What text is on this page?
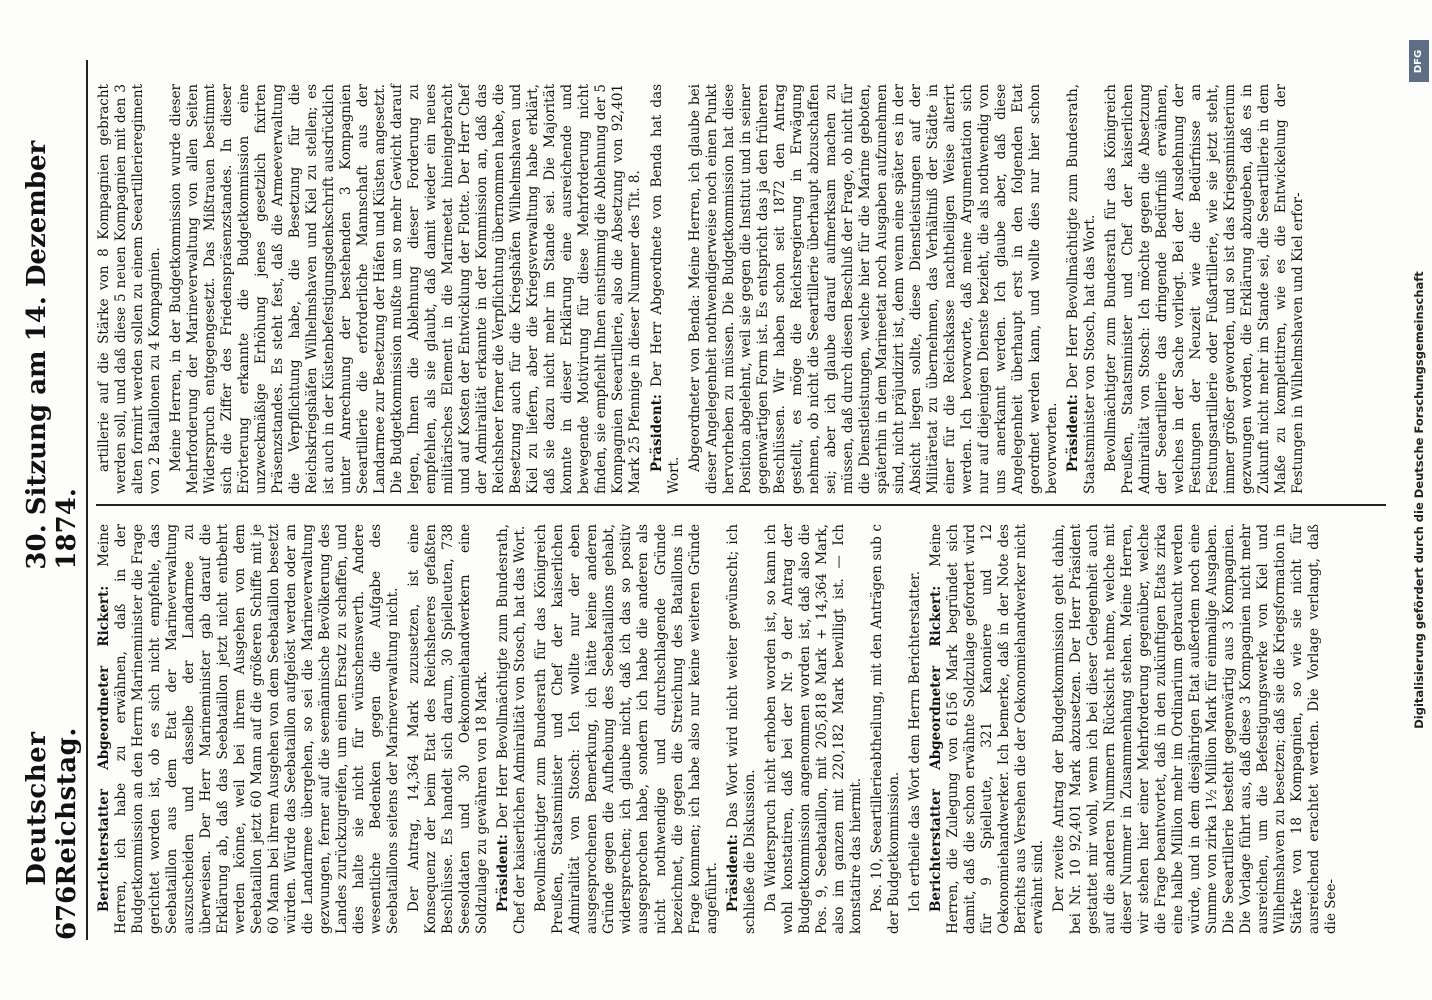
676
Deutscher Reichstag.
30. Sitzung am 14. Dezember 1874.

Berichterstatter Abgeordneter Rickert: Meine Herren, ich habe zu erwähnen, daß in der Budgetkommission an den Herrn Marineminister die Frage gerichtet worden ist, ob es sich nicht empfehle, das Seebataillon aus dem Etat der Marineverwaltung auszuscheiden und dasselbe der Landarmee zu überweisen. Der Herr Marineminister gab darauf die Erklärung ab, daß das Seebataillon jetzt nicht entbehrt werden könne, weil bei ihrem Ausgehen von dem Seebataillon jetzt 60 Mann auf die größeren Schiffe mit je 60 Mann bei ihrem Ausgehen von dem Seebataillon besetzt würden. Würde das Seebataillon aufgelöst werden oder an die Landarmee übergehen, so sei die Marineverwaltung gezwungen, ferner auf die seemännische Bevölkerung des Landes zurückzugreifen, um einen Ersatz zu schaffen, und dies halte sie nicht für wünschenswerth. Andere wesentliche Bedenken gegen die Aufgabe des Seebataillons seitens der Marineverwaltung nicht. Der Antrag, 14,364 Mark zuzusetzen, ist eine Konsequenz der beim Etat des Reichsheeres gefaßten Beschlüsse. Es handelt sich darum, 30 Spielleuten, 738 Seesoldaten und 30 Oekonomiehandwerkern eine Soldzulage zu gewähren von 18 Mark. Präsident: Der Herr Bevollmächtigte zum Bundesrath, Chef der kaiserlichen Admiralität von Stosch, hat das Wort. Bevollmächtigter zum Bundesrath für das Königreich Preußen, Staatsminister und Chef der kaiserlichen Admiralität von Stosch: Ich wollte nur der eben ausgesprochenen Bemerkung, ich hätte keine anderen Gründe gegen die Aufhebung des Seebataillons gehabt, widersprechen; ich glaube nicht, daß ich das so positiv ausgesprochen habe, sondern ich habe die anderen als nicht nothwendige und durchschlagende Gründe bezeichnet, die gegen die Streichung des Bataillons in Frage kommen; ich habe also nur keine weiteren Gründe angeführt. Präsident: Das Wort wird nicht weiter gewünscht; ich schließe die Diskussion. Da Widerspruch nicht erhoben worden ist, so kann ich wohl konstatiren, daß bei der Nr. 9 der Antrag der Budgetkommission angenommen worden ist, daß also die Pos. 9, Seebataillon, mit 205,818 Mark + 14,364 Mark, also im ganzen mit 220,182 Mark bewilligt ist. — Ich konstatire das hiermit. Pos. 10, Seeartillerieabtheilung, mit den Anträgen sub c der Budgetkommission. Ich ertheile das Wort dem Herrn Berichterstatter. Berichterstatter Abgeordneter Rickert: Meine Herren, die Zulegung von 6156 Mark begründet sich damit, daß die schon erwähnte Soldzulage gefordert wird für 9 Spielleute, 321 Kanoniere und 12 Oekonomiehandwerker. Ich bemerke, daß in der Note des Berichts aus Versehen die der Oekonomiehandwerker nicht erwähnt sind. Der zweite Antrag der Budgetkommission geht dahin, bei Nr. 10 92,401 Mark abzusetzen. Der Herr Präsident gestattet mir wohl, wenn ich bei dieser Gelegenheit auch auf die anderen Nummern Rücksicht nehme, welche mit dieser Nummer in Zusammenhang stehen. Meine Herren, wir stehen hier einer Mehrforderung gegenüber, welche die Frage beantwortet, daß in den zukünftigen Etats zirka eine halbe Million mehr im Ordinarium gebraucht werden würde, und in dem diesjährigen Etat außerdem noch eine Summe von zirka 1½ Million Mark für einmalige Ausgaben. Die Seeartillerie besteht gegenwärtig aus 3 Kompagnien. Die Vorlage führt aus, daß diese 3 Kompagnien nicht mehr ausreichen, um die Befestigungswerke von Kiel und Wilhelmshaven zu besetzen; daß sie die Kriegsformation in Stärke von 18 Kompagnien, so wie sie nicht für ausreichend erachtet werden. Die Vorlage verlangt, daß die See-

artillerie auf die Stärke von 8 Kompagnien gebracht werden soll, und daß diese 5 neuen Kompagnien mit den 3 alten formirt werden sollen zu einem Seeartillerieregiment von 2 Bataillonen zu 4 Kompagnien. Meine Herren, in der Budgetkommission wurde dieser Mehrforderung der Marineverwaltung von allen Seiten Widerspruch entgegengesetzt. Das Mißtrauen bestimmt sich die Ziffer des Friedenspräsenzstandes. In dieser Erörterung erkannte die Budgetkommission eine unzweckmäßige Erhöhung jenes gesetzlich fixirten Präsenzstandes. Es steht fest, daß die Armeeverwaltung die Verpflichtung habe, die Besetzung für die Reichskriegshäfen Wilhelmshaven und Kiel zu stellen; es ist auch in der Küstenbefestigungsdenkschrift ausdrücklich unter Anrechnung der bestehenden 3 Kompagnien Seeartillerie die erforderliche Mannschaft aus der Landarmee zur Besetzung der Häfen und Küsten angesetzt. Die Budgetkommission mußte um so mehr Gewicht darauf legen, Ihnen die Ablehnung dieser Forderung zu empfehlen, als sie glaubt, daß damit wieder ein neues militärisches Element in die Marineetat hineingebracht und auf Kosten der Entwicklung der Flotte. Der Herr Chef der Admiralität erkannte in der Kommission an, daß das Reichsheer ferner die Verpflichtung übernommen habe, die Besetzung auch für die Kriegshäfen Wilhelmshaven und Kiel zu liefern, aber die Kriegsverwaltung habe erklärt, daß sie dazu nicht mehr im Stande sei. Die Majorität konnte in dieser Erklärung eine ausreichende und bewegende Motivirung für diese Mehrforderung nicht finden, sie empfiehlt Ihnen einstimmig die Ablehnung der 5 Kompagnien Seeartillerie, also die Absetzung von 92,401 Mark 25 Pfennige in dieser Nummer des Tit. 8. Präsident: Der Herr Abgeordnete von Benda hat das Wort.

Abgeordneter von Benda: Meine Herren, ich glaube bei dieser Angelegenheit nothwendigerweise noch einen Punkt hervorheben zu müssen. Die Budgetkommission hat diese Position abgelehnt, weil sie gegen die Institut und in seiner gegenwärtigen Form ist. Es entspricht das ja den früheren Beschlüssen. Wir haben schon seit 1872 den Antrag gestellt, es möge die Reichsregierung in Erwägung nehmen, ob nicht die Seeartillerie überhaupt abzuschaffen sei; aber ich glaube darauf aufmerksam machen zu müssen, daß durch diesen Beschluß der Frage, ob nicht für die Dienstleistungen, welche hier für die Marine geboten, späterhin in dem Marineetat noch Ausgaben aufzunehmen sind, nicht präjudizirt ist, denn wenn eine später es in der Absicht liegen sollte, diese Dienstleistungen auf der Militäretat zu übernehmen, das Verhältniß der Städte in einer für die Reichskasse nachtheiligen Weise alterirt werden. Ich bevorworte, daß meine Argumentation sich nur auf diejenigen Dienste bezieht, die als nothwendig von uns anerkannt werden. Ich glaube aber, daß diese Angelegenheit überhaupt erst in den folgenden Etat geordnet werden kann, und wollte dies nur hier schon bevorworten. Präsident: Der Herr Bevollmächtigte zum Bundesrath, Staatsminister von Stosch, hat das Wort. Bevollmächtigter zum Bundesrath für das Königreich Preußen, Staatsminister und Chef der kaiserlichen Admiralität von Stosch: Ich möchte gegen die Absetzung der Seeartillerie das dringende Bedürfniß erwähnen, welches in der Sache vorliegt. Bei der Ausdehnung der Festungen der Neuzeit wie die Bedürfnisse an Festungsartillerie oder Fußartillerie, wie sie jetzt steht, immer größer geworden, und so ist das Kriegsministerium gezwungen worden, die Erklärung abzugeben, daß es in Zukunft nicht mehr im Stande sei, die Seeartillerie in dem Maße zu komplettiren, wie es die Entwickelung der Festungen in Wilhelmshaven und Kiel erfor-

DFG
Digitalisierung gefördert durch die Deutsche Forschungsgemeinschaft
